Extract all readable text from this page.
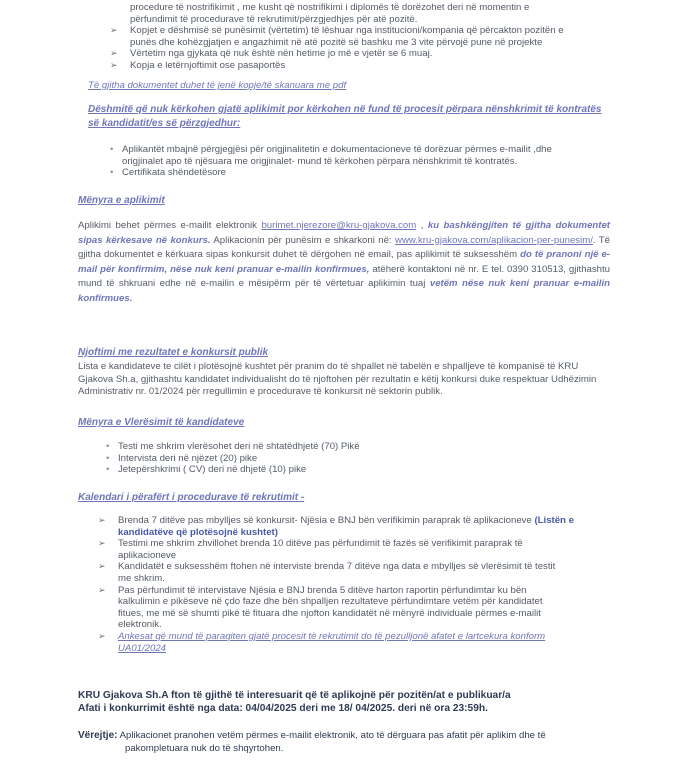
procedure të nostrifikimit , me kusht që nostrifikimi i diplomës të dorëzohet deri në momentin e
përfundimit të procedurave të rekrutimit/përzgjedhjes për atë pozitë.

➢ Kopjet e dëshmisë së punësimit (vërtetim) të lëshuar nga institucioni/kompania që përcakton pozitën e
punës dhe kohëzgjatjen e angazhimit në atë pozitë së bashku me 3 vite përvojë pune në projekte
➢ Vërtetim nga gjykata që nuk është nën hetime jo më e vjetër se 6 muaj.
➢ Kopja e letërnjoftimit ose pasaportës

Të gjitha dokumentet duhet të jenë kopje/të skanuara me pdf

Dëshmitë që nuk kërkohen gjatë aplikimit por kërkohen në fund të procesit përpara nënshkrimit të kontratës së kandidatit/es së përzgjedhur:

• Aplikantët mbajnë përgjegjësi për origjinalitetin e dokumentacioneve të dorëzuar përmes e-mailit ,dhe
origjinalet apo të njësuara me origjinalet- mund të kërkohen përpara nënshkrimit të kontratës.
• Certifikata shëndetësore

Mënyra e aplikimit

Aplikimi behet përmes e-mailit elektronik burimet.njerezore@kru-gjakova.com , ku bashkëngjiten të gjitha dokumentet sipas kërkesave në konkurs. Aplikacionin për punësim e shkarkoni në: www.kru-gjakova.com/aplikacion-per-punesim/. Të gjitha dokumentet e kërkuara sipas konkursit duhet të dërgohen në email, pas aplikimit të suksesshëm do të pranoni një e-mail për konfirmim, nëse nuk keni pranuar e-mailin konfirmues, atëherë kontaktoni në nr. E tel. 0390 310513, gjithashtu mund të shkruani edhe në e-mailin e mësipërm për të vërtetuar aplikimin tuaj vetëm nëse nuk keni pranuar e-mailin konfirmues.

Njoftimi me rezultatet e konkursit publik

Lista e kandidateve te cilët i plotësojnë kushtet për pranim do të shpallet në tabelën e shpalljeve të kompanisë të KRU Gjakova Sh.a, gjithashtu kandidatet individualisht do të njoftohen për rezultatin e këtij konkursi duke respektuar Udhëzimin Administrativ nr. 01/2024 për rregullimin e procedurave të konkursit në sektorin publik.

Mënyra e Vlerësimit të kandidateve

• Testi me shkrim vlerësohet deri në shtatëdhjetë (70) Pikë
• Intervista deri në njëzet (20) pike
• Jetepërshkrimi ( CV) deri në dhjetë (10) pike

Kalendari i përafërt i procedurave të rekrutimit -

➢ Brenda 7 ditëve pas mbylljes së konkursit- Njësia e BNJ bën verifikimin paraprak të aplikacioneve (Listën e kandidatëve që plotësojnë kushtet)
➢ Testimi me shkrim zhvillohet brenda 10 ditëve pas përfundimit të fazës së verifikimit paraprak të
aplikacioneve
➢ Kandidatët e suksesshëm ftohen në interviste brenda 7 ditëve nga data e mbylljes së vlerësimit të testit
me shkrim.
➢ Pas përfundimit të intervistave Njësia e BNJ brenda 5 ditëve harton raportin përfundimtar ku bën
kalkulimin e pikëseve në çdo faze dhe bën shpalljen rezultateve përfundimtare vetëm për kandidatet
fitues, me më së shumti pikë të fituara dhe njofton kandidatët në mënyrë individuale përmes e-mailit
elektronik.
➢ Ankesat që mund të paraqiten gjatë procesit të rekrutimit do të pezulljonë afatet e lartcekura konform
UA01/2024

KRU Gjakova Sh.A fton të gjithë të interesuarit që të aplikojnë për pozitën/at e publikuar/a
Afati i konkurrimit është nga data: 04/04/2025 deri me 18/ 04/2025. deri në ora 23:59h.

Vërejtje: Aplikacionet pranohen vetëm përmes e-mailit elektronik, ato të dërguara pas afatit për aplikim dhe të
pakompletuara nuk do të shqyrtohen.
